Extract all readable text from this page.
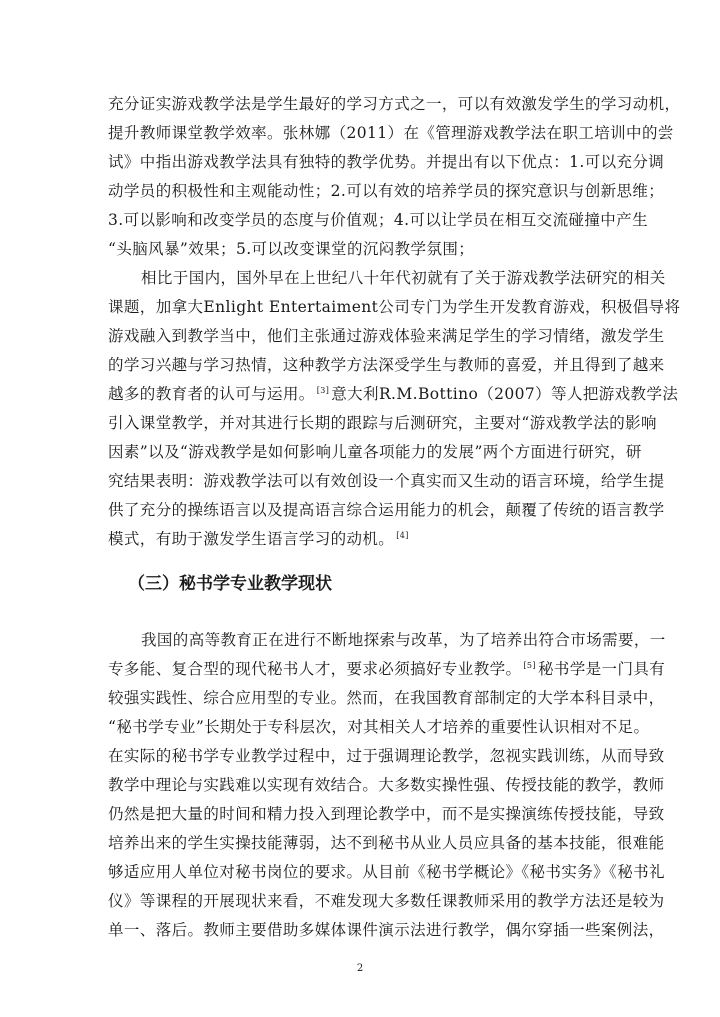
充分证实游戏教学法是学生最好的学习方式之一，可以有效激发学生的学习动机，
提升教师课堂教学效率。张林娜（2011）在《管理游戏教学法在职工培训中的尝
试》中指出游戏教学法具有独特的教学优势。并提出有以下优点：1.可以充分调
动学员的积极性和主观能动性；2.可以有效的培养学员的探究意识与创新思维；
3.可以影响和改变学员的态度与价值观；4.可以让学员在相互交流碰撞中产生
“头脑风暴”效果；5.可以改变课堂的沉闷教学氛围；
相比于国内，国外早在上世纪八十年代初就有了关于游戏教学法研究的相关
课题，加拿大Enlight Entertaiment公司专门为学生开发教育游戏，积极倡导将
游戏融入到教学当中，他们主张通过游戏体验来满足学生的学习情绪，激发学生
的学习兴趣与学习热情，这种教学方法深受学生与教师的喜爱，并且得到了越来
越多的教育者的认可与运用。 [3] 意大利R.M.Bottino（2007）等人把游戏教学法
引入课堂教学，并对其进行长期的跟踪与后测研究，主要对“游戏教学法的影响
因素”以及“游戏教学是如何影响儿童各项能力的发展”两个方面进行研究，研
究结果表明：游戏教学法可以有效创设一个真实而又生动的语言环境，给学生提
供了充分的操练语言以及提高语言综合运用能力的机会，颠覆了传统的语言教学
模式，有助于激发学生语言学习的动机。 [4]
（三）秘书学专业教学现状
我国的高等教育正在进行不断地探索与改革，为了培养出符合市场需要，一
专多能、复合型的现代秘书人才，要求必须搞好专业教学。 [5] 秘书学是一门具有
较强实践性、综合应用型的专业。然而，在我国教育部制定的大学本科目录中，
“秘书学专业”长期处于专科层次，对其相关人才培养的重要性认识相对不足。
在实际的秘书学专业教学过程中，过于强调理论教学，忽视实践训练，从而导致
教学中理论与实践难以实现有效结合。大多数实操性强、传授技能的教学，教师
仍然是把大量的时间和精力投入到理论教学中，而不是实操演练传授技能，导致
培养出来的学生实操技能薄弱，达不到秘书从业人员应具备的基本技能，很难能
够适应用人单位对秘书岗位的要求。从目前《秘书学概论》《秘书实务》《秘书礼
仪》等课程的开展现状来看，不难发现大多数任课教师采用的教学方法还是较为
单一、落后。教师主要借助多媒体课件演示法进行教学，偶尔穿插一些案例法，
2
